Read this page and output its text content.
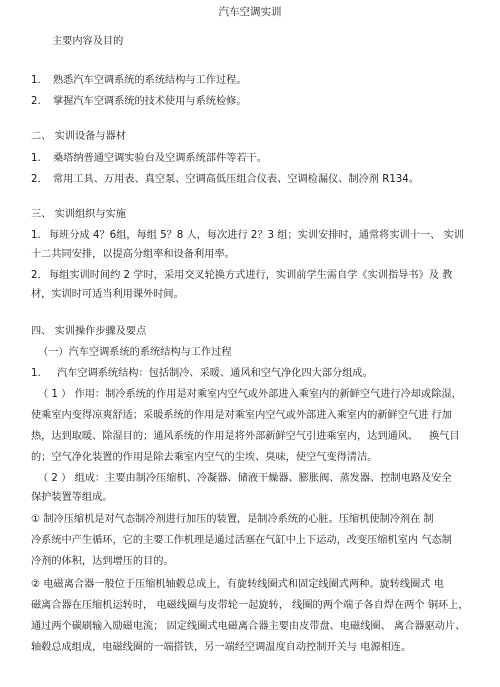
汽车空调实训
主要内容及目的
1. 熟悉汽车空调系统的系统结构与工作过程。
2. 掌握汽车空调系统的技术使用与系统检修。
二、 实训设备与器材
1. 桑塔纳普通空调实验台及空调系统部件等若干。
2. 常用工具、万用表、真空泵、空调高低压组合仪表、空调检漏仪、制冷剂 R134。
三、 实训组织与实施
1. 每班分成 4？6组，每组 5？8 人，每次进行 2？3 组；实训安排时，通常将实训十一、 实训
十二共同安排，以提高分组率和设备利用率。
2. 每组实训时间约 2 学时，采用交叉轮换方式进行，实训前学生需自学《实训指导书》及 教
材，实训时可适当利用课外时间。
四、 实训操作步骤及要点
（一）汽车空调系统的系统结构与工作过程
1. 汽车空调系统结构：包括制冷、采暖、通风和空气净化四大部分组成。
（ 1 ） 作用：制冷系统的作用是对乘室内空气或外部进入乘室内的新鲜空气进行冷却或除湿，
使乘室内变得凉爽舒适；采暖系统的作用是对乘室内空气或外部进入乘室内的新鲜空气进 行加
热，达到取暖、除湿目的；通风系统的作用是将外部新鲜空气引进乘室内，达到通风、 换气目
的；空气净化装置的作用是除去乘室内空气的尘埃、臭味，使空气变得清洁。
（ 2 ） 组成：主要由制冷压缩机、冷凝器、储液干燥器、膨胀阀、蒸发器、控制电路及安全
保护装置等组成。
① 制冷压缩机是对气态制冷剂进行加压的装置，是制冷系统的心脏。压缩机使制冷剂在 制
冷系统中产生循环，它的主要工作机理是通过活塞在气缸中上下运动，改变压缩机室内 气态制
冷剂的体积，达到增压的目的。
② 电磁离合器一般位于压缩机轴毂总成上，有旋转线圈式和固定线圈式两种。旋转线圈式 电
磁离合器在压缩机运转时， 电磁线圈与皮带轮一起旋转， 线圈的两个端子各自焊在两个 铜环上，
通过两个碳刷输入励磁电流； 固定线圈式电磁离合器主要由皮带盘、电磁线圈、 离合器驱动片、
轴毂总成组成，电磁线圈的一端搭铁，另一端经空调温度自动控制开关与 电源相连。
